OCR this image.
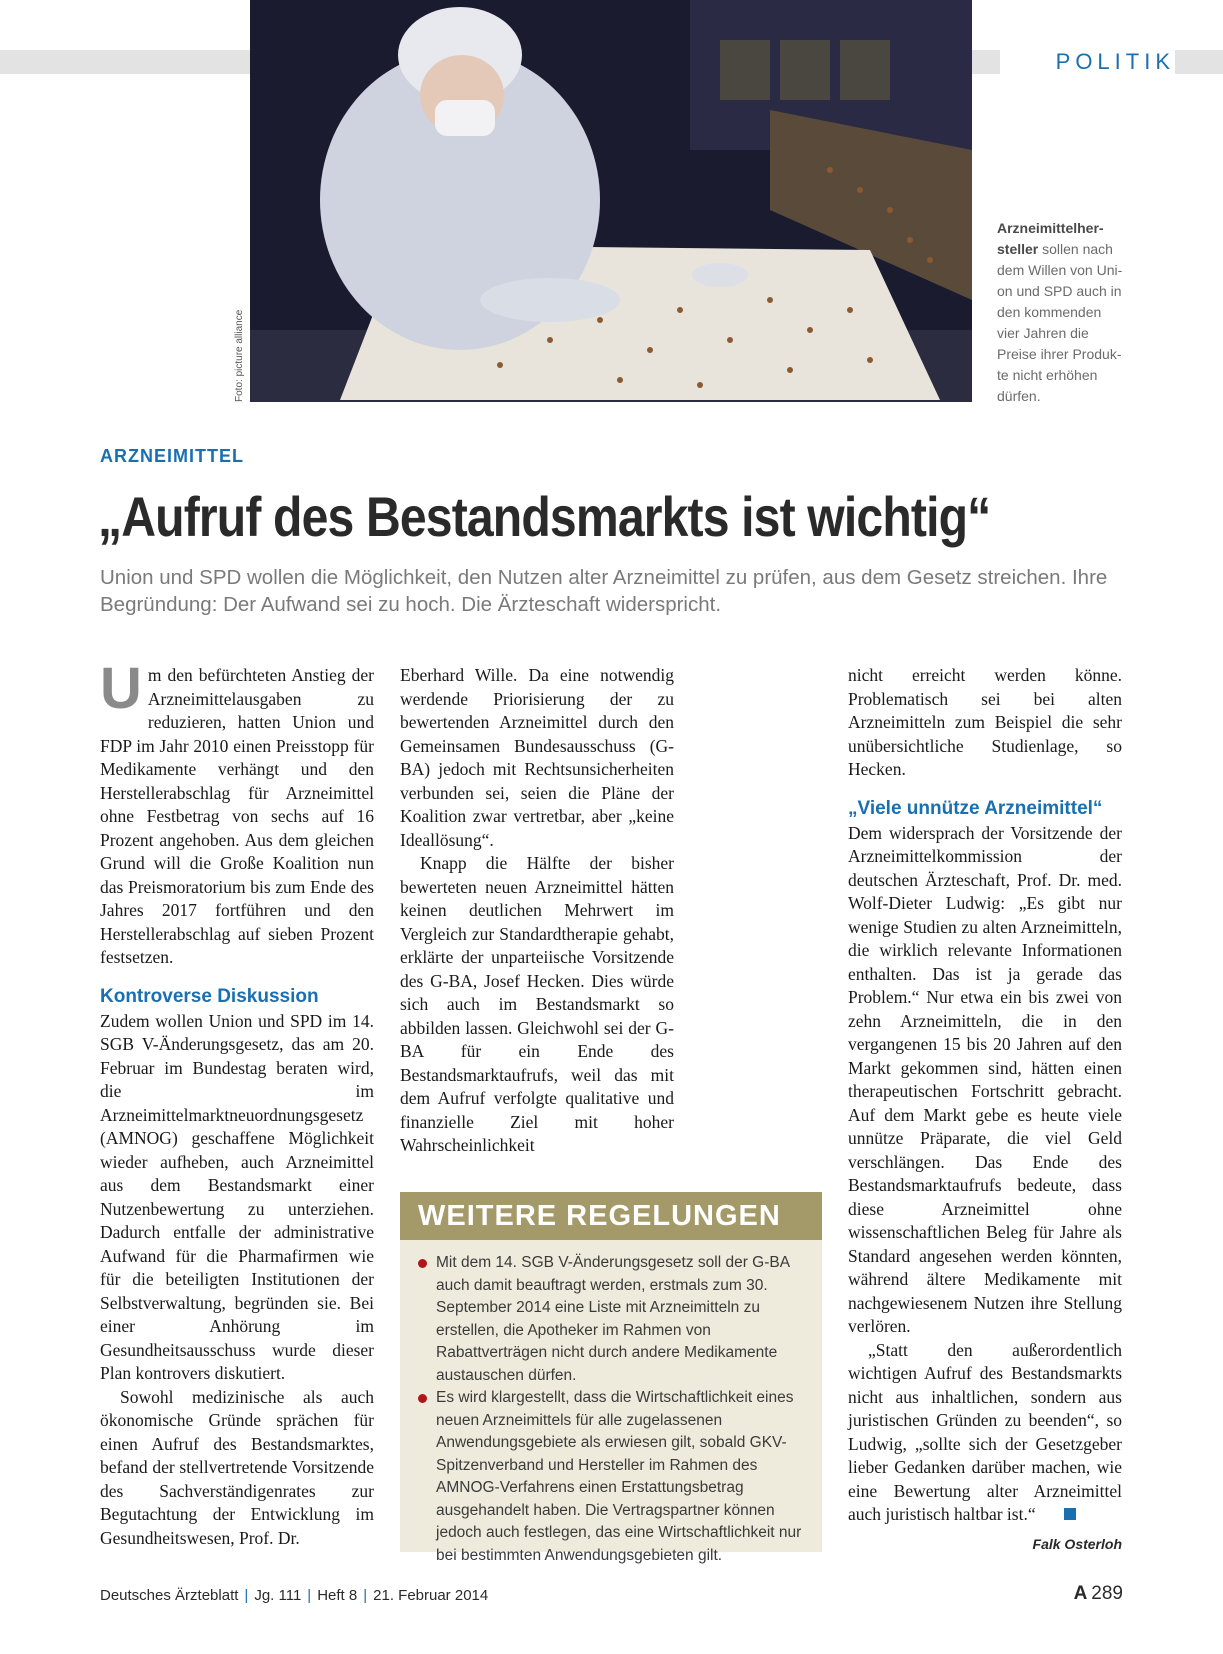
POLITIK
Foto: picture alliance
Arzneimittelher-steller sollen nach dem Willen von Uni-on und SPD auch in den kommenden vier Jahren die Preise ihrer Produk-te nicht erhöhen dürfen.
ARZNEIMITTEL
„Aufruf des Bestandsmarkts ist wichtig“
Union und SPD wollen die Möglichkeit, den Nutzen alter Arzneimittel zu prüfen, aus dem Gesetz streichen. Ihre Begründung: Der Aufwand sei zu hoch. Die Ärzteschaft widerspricht.

Um den befürchteten Anstieg der Arzneimittelausgaben zu reduzieren, hatten Union und FDP im Jahr 2010 einen Preisstopp für Medikamente verhängt und den Herstellerabschlag für Arzneimittel ohne Festbetrag von sechs auf 16 Prozent angehoben. Aus dem gleichen Grund will die Große Koalition nun das Preismoratorium bis zum Ende des Jahres 2017 fortführen und den Herstellerabschlag auf sieben Prozent festsetzen.

Kontroverse Diskussion

Zudem wollen Union und SPD im 14. SGB V-Änderungsgesetz, das am 20. Februar im Bundestag beraten wird, die im Arzneimittelmarktneuordnungsgesetz (AMNOG) geschaffene Möglichkeit wieder aufheben, auch Arzneimittel aus dem Bestandsmarkt einer Nutzenbewertung zu unterziehen. Dadurch entfalle der administrative Aufwand für die Pharmafirmen wie für die beteiligten Institutionen der Selbstverwaltung, begründen sie. Bei einer Anhörung im Gesundheitsausschuss wurde dieser Plan kontrovers diskutiert.

Sowohl medizinische als auch ökonomische Gründe sprächen für einen Aufruf des Bestandsmarktes, befand der stellvertretende Vorsitzende des Sachverständigenrates zur Begutachtung der Entwicklung im Gesundheitswesen, Prof. Dr.

Eberhard Wille. Da eine notwendig werdende Priorisierung der zu bewertenden Arzneimittel durch den Gemeinsamen Bundesausschuss (G-BA) jedoch mit Rechtsunsicherheiten verbunden sei, seien die Pläne der Koalition zwar vertretbar, aber „keine Ideallösung“.

Knapp die Hälfte der bisher bewerteten neuen Arzneimittel hätten keinen deutlichen Mehrwert im Vergleich zur Standardtherapie gehabt, erklärte der unparteiische Vorsitzende des G-BA, Josef Hecken. Dies würde sich auch im Bestandsmarkt so abbilden lassen. Gleichwohl sei der G-BA für ein Ende des Bestandsmarktaufrufs, weil das mit dem Aufruf verfolgte qualitative und finanzielle Ziel mit hoher Wahrscheinlichkeit

WEITERE REGELUNGEN
Mit dem 14. SGB V-Änderungsgesetz soll der G-BA auch damit beauftragt werden, erstmals zum 30. September 2014 eine Liste mit Arzneimitteln zu erstellen, die Apotheker im Rahmen von Rabattverträgen nicht durch andere Medikamente austauschen dürfen.
Es wird klargestellt, dass die Wirtschaftlichkeit eines neuen Arzneimittels für alle zugelassenen Anwendungsgebiete als erwiesen gilt, sobald GKV-Spitzenverband und Hersteller im Rahmen des AMNOG-Verfahrens einen Erstattungsbetrag ausgehandelt haben. Die Vertragspartner können jedoch auch festlegen, das eine Wirtschaftlichkeit nur bei bestimmten Anwendungsgebieten gilt.

nicht erreicht werden könne. Problematisch sei bei alten Arzneimitteln zum Beispiel die sehr unübersichtliche Studienlage, so Hecken.

„Viele unnütze Arzneimittel“

Dem widersprach der Vorsitzende der Arzneimittelkommission der deutschen Ärzteschaft, Prof. Dr. med. Wolf-Dieter Ludwig: „Es gibt nur wenige Studien zu alten Arzneimitteln, die wirklich relevante Informationen enthalten. Das ist ja gerade das Problem.“ Nur etwa ein bis zwei von zehn Arzneimitteln, die in den vergangenen 15 bis 20 Jahren auf den Markt gekommen sind, hätten einen therapeutischen Fortschritt gebracht. Auf dem Markt gebe es heute viele unnütze Präparate, die viel Geld verschlängen. Das Ende des Bestandsmarktaufrufs bedeute, dass diese Arzneimittel ohne wissenschaftlichen Beleg für Jahre als Standard angesehen werden könnten, während ältere Medikamente mit nachgewiesenem Nutzen ihre Stellung verlören.

„Statt den außerordentlich wichtigen Aufruf des Bestandsmarkts nicht aus inhaltlichen, sondern aus juristischen Gründen zu beenden“, so Ludwig, „sollte sich der Gesetzgeber lieber Gedanken darüber machen, wie eine Bewertung alter Arzneimittel auch juristisch haltbar ist.“

Falk Osterloh
Deutsches Ärzteblatt | Jg. 111 | Heft 8 | 21. Februar 2014	A 289
